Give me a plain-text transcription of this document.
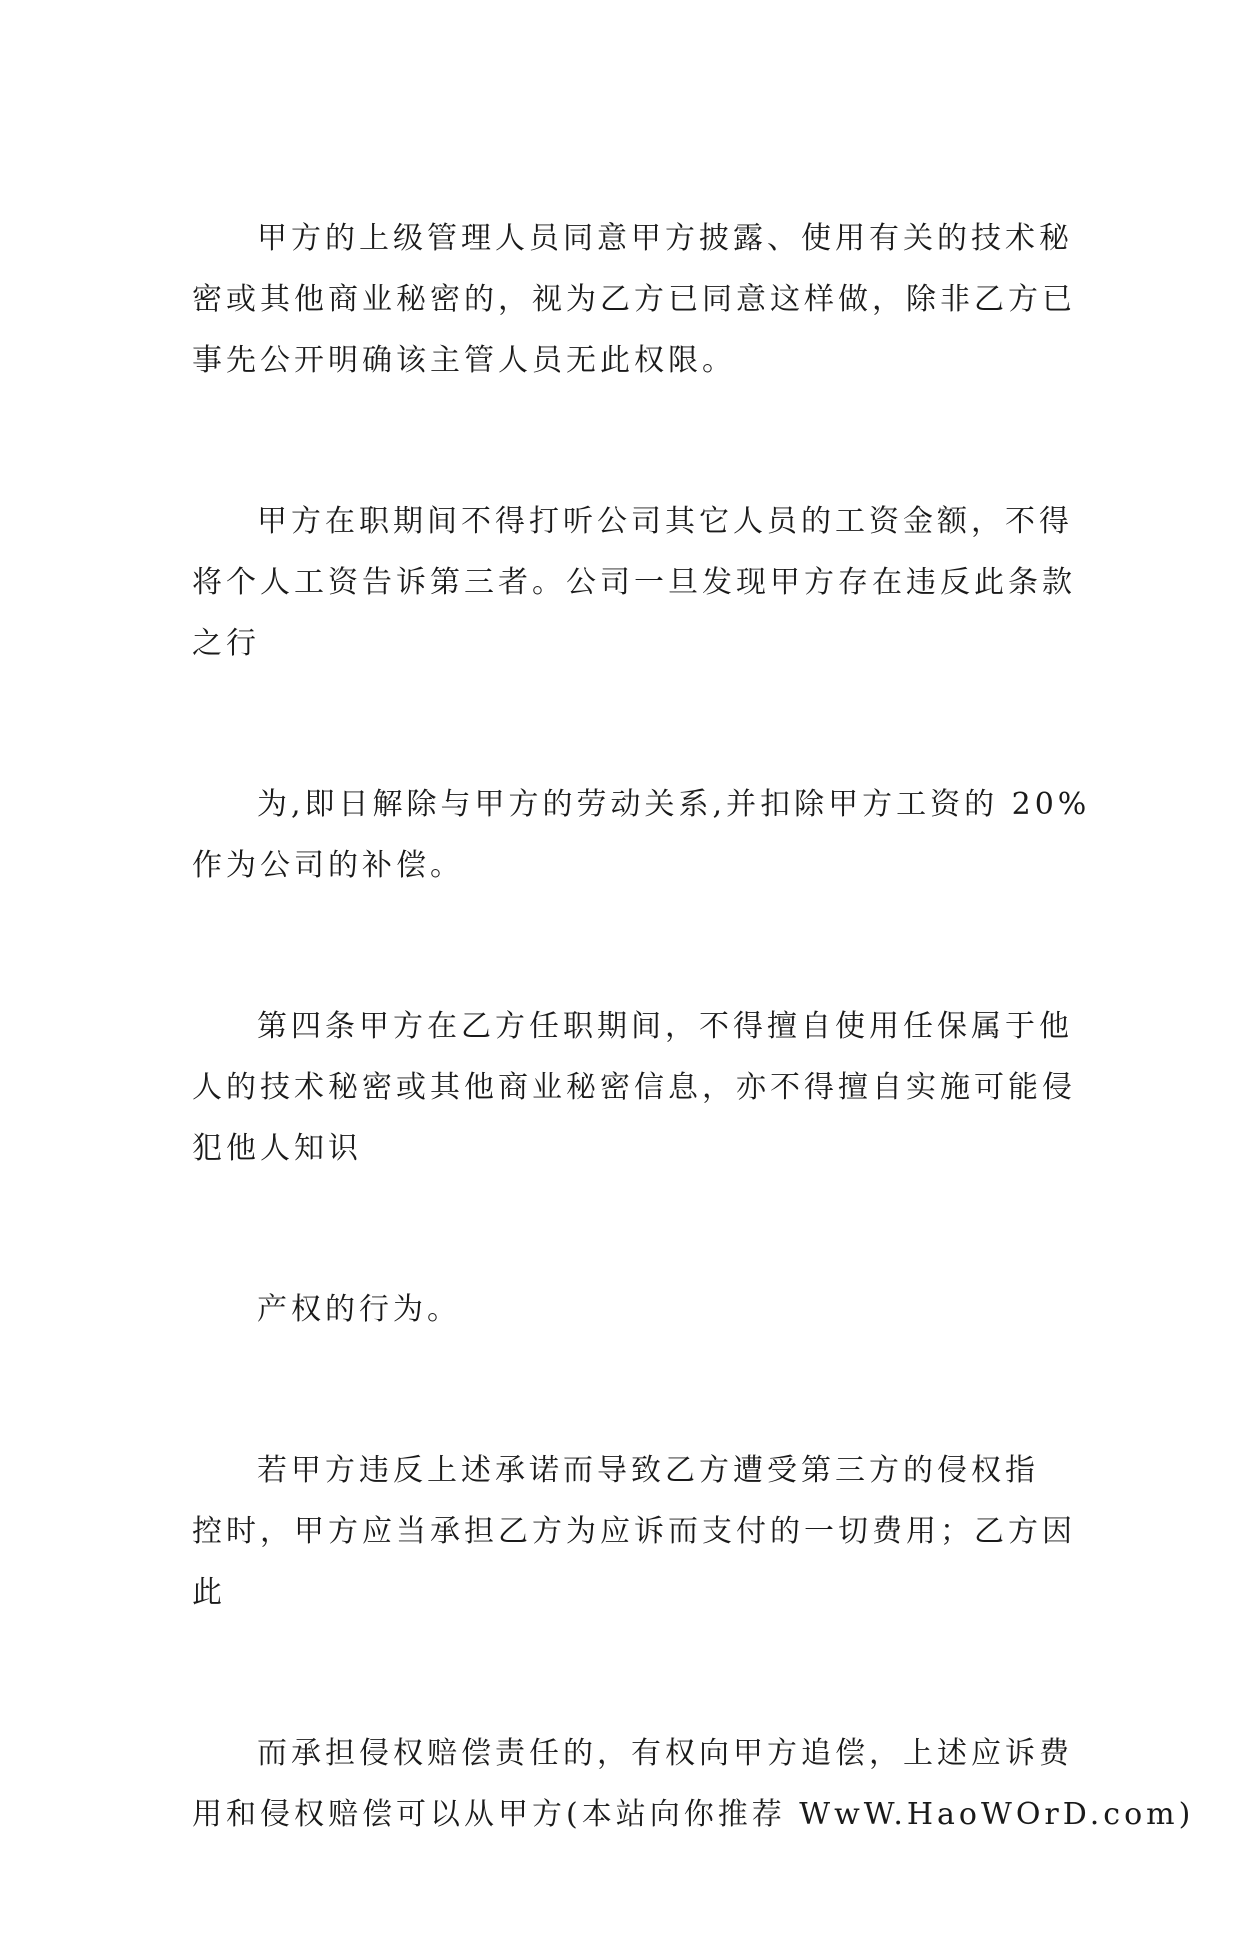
甲方的上级管理人员同意甲方披露、使用有关的技术秘
密或其他商业秘密的，视为乙方已同意这样做，除非乙方已
事先公开明确该主管人员无此权限。

甲方在职期间不得打听公司其它人员的工资金额，不得
将个人工资告诉第三者。公司一旦发现甲方存在违反此条款
之行

为,即日解除与甲方的劳动关系,并扣除甲方工资的 20%
作为公司的补偿。

第四条甲方在乙方任职期间，不得擅自使用任保属于他
人的技术秘密或其他商业秘密信息，亦不得擅自实施可能侵
犯他人知识

产权的行为。

若甲方违反上述承诺而导致乙方遭受第三方的侵权指
控时，甲方应当承担乙方为应诉而支付的一切费用；乙方因
此

而承担侵权赔偿责任的，有权向甲方追偿，上述应诉费
用和侵权赔偿可以从甲方(本站向你推荐 WwW.HaoWOrD.com)
